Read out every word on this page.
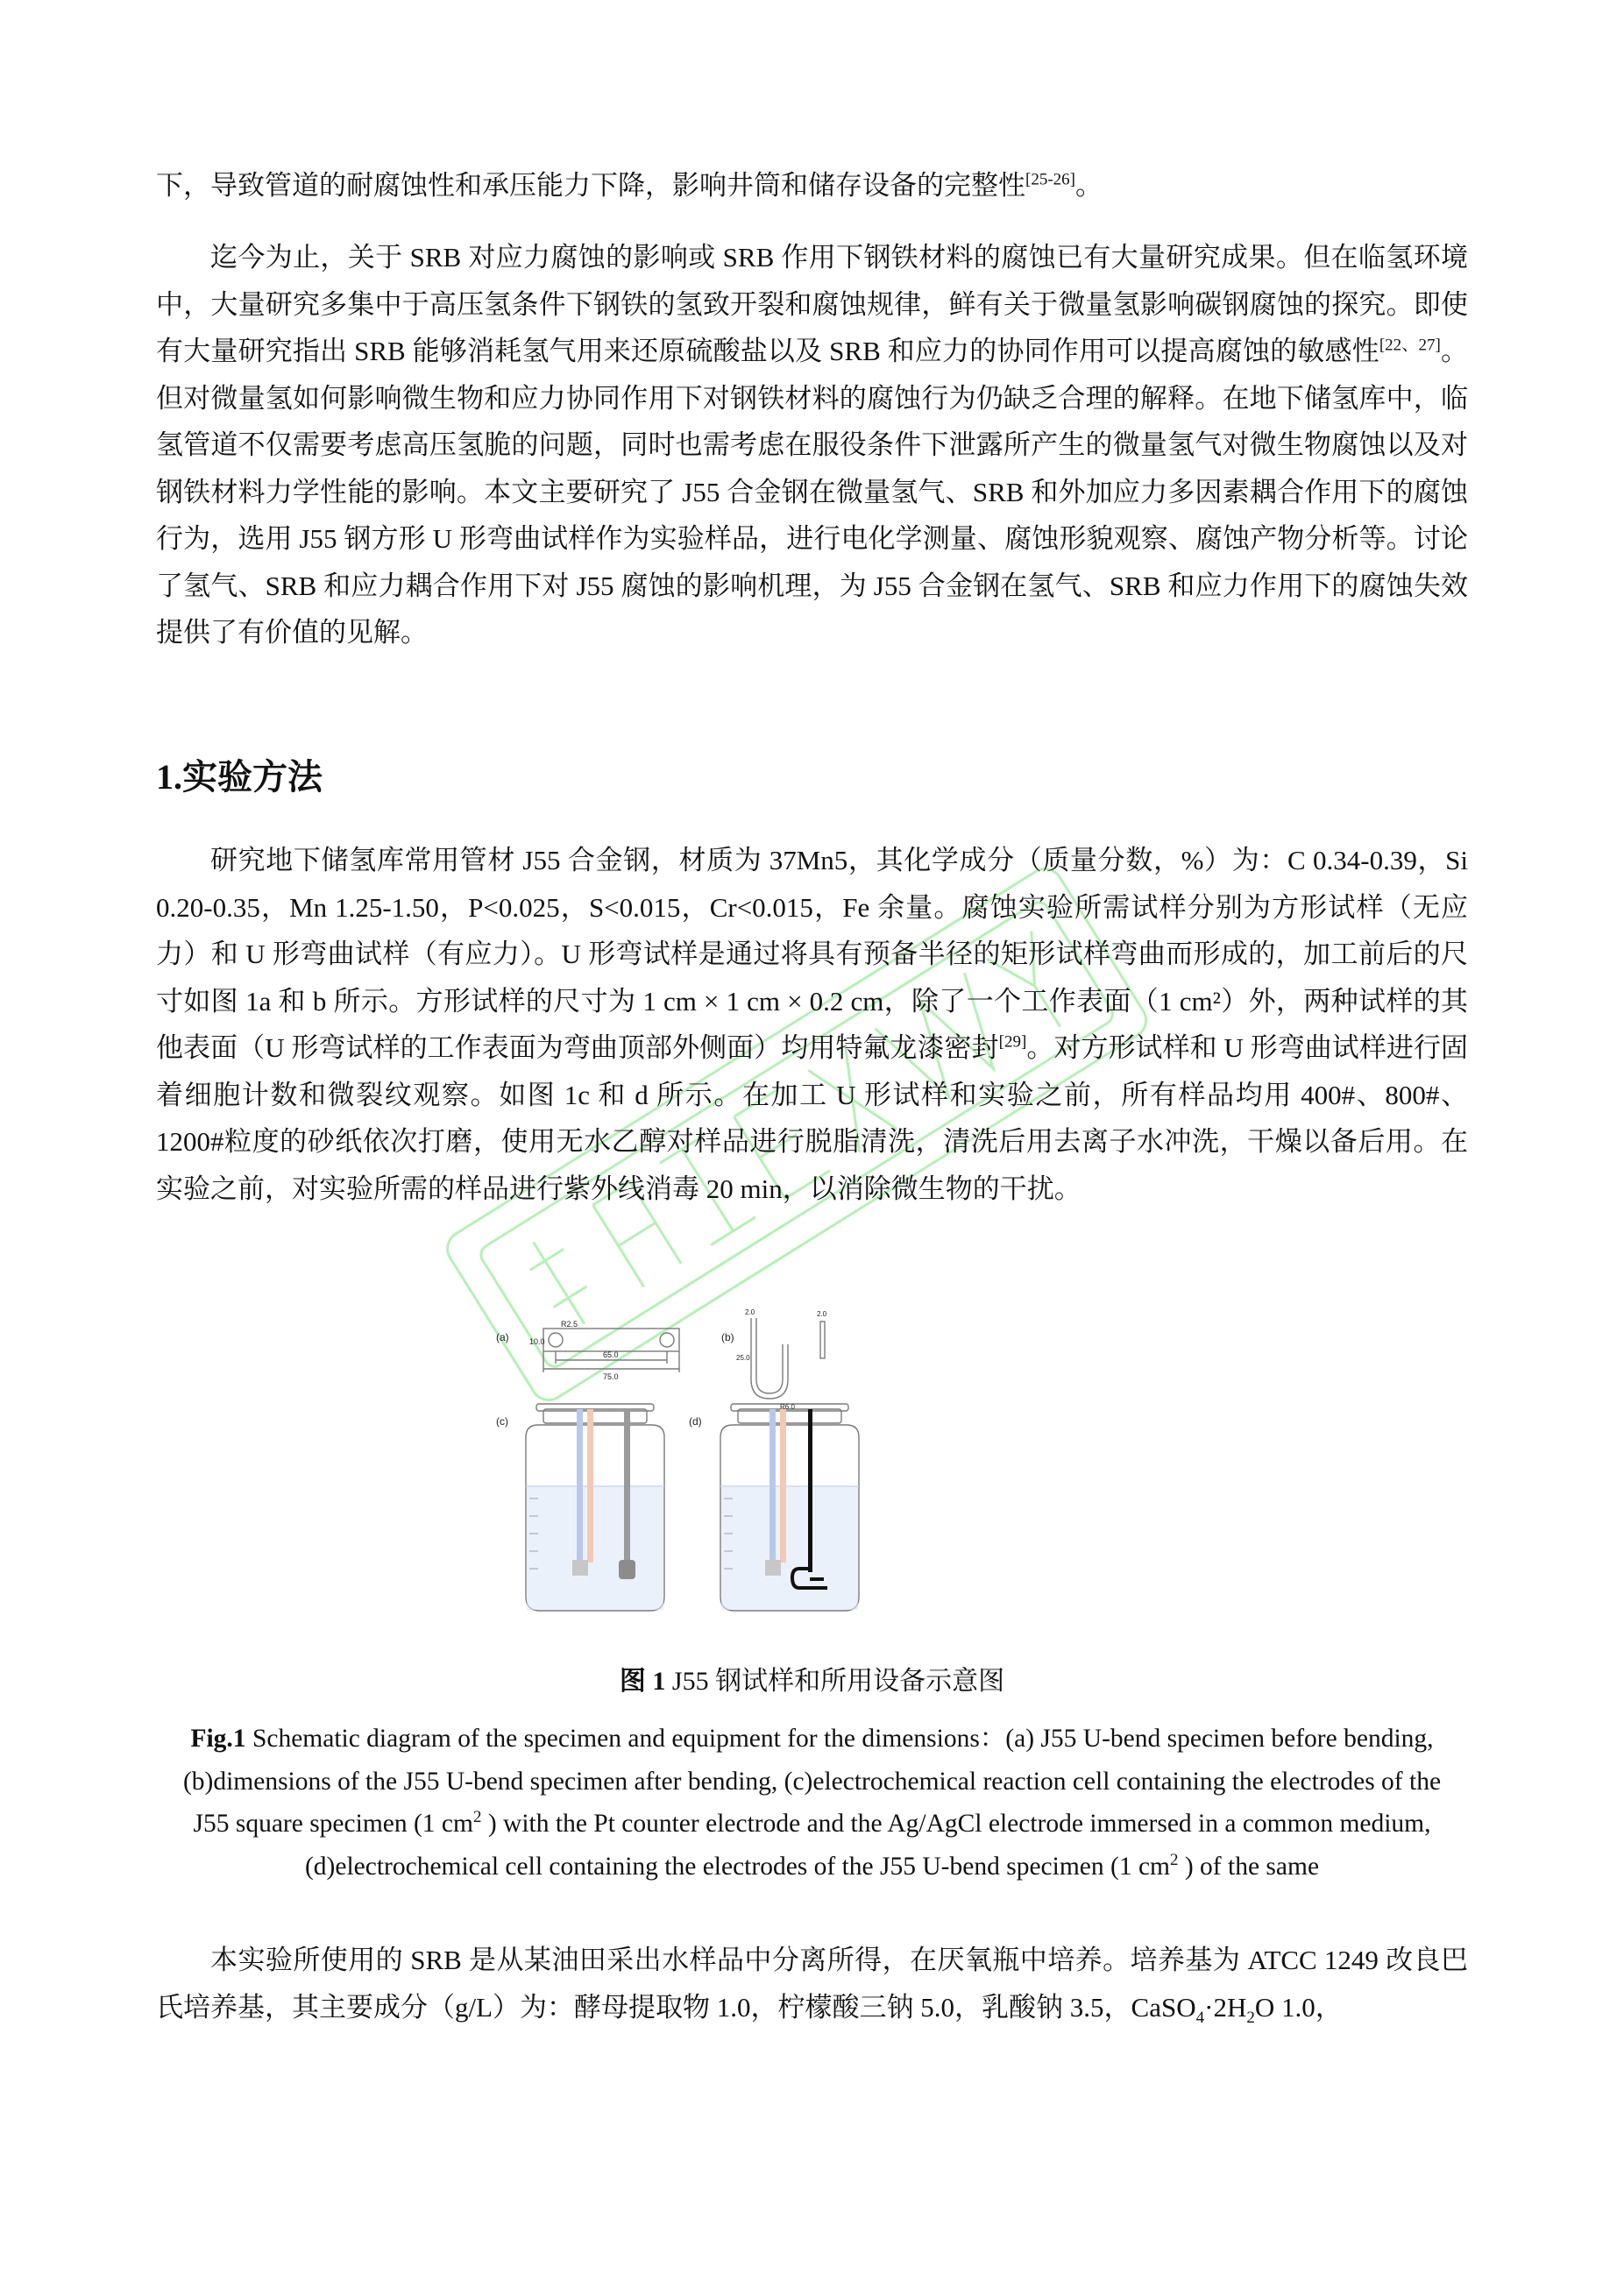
下，导致管道的耐腐蚀性和承压能力下降，影响井筒和储存设备的完整性[25-26]。

迄今为止，关于 SRB 对应力腐蚀的影响或 SRB 作用下钢铁材料的腐蚀已有大量研究成果。但在临氢环境中，大量研究多集中于高压氢条件下钢铁的氢致开裂和腐蚀规律，鲜有关于微量氢影响碳钢腐蚀的探究。即使有大量研究指出 SRB 能够消耗氢气用来还原硫酸盐以及 SRB 和应力的协同作用可以提高腐蚀的敏感性[22、27]。但对微量氢如何影响微生物和应力协同作用下对钢铁材料的腐蚀行为仍缺乏合理的解释。在地下储氢库中，临氢管道不仅需要考虑高压氢脆的问题，同时也需考虑在服役条件下泄露所产生的微量氢气对微生物腐蚀以及对钢铁材料力学性能的影响。本文主要研究了 J55 合金钢在微量氢气、SRB 和外加应力多因素耦合作用下的腐蚀行为，选用 J55 钢方形 U 形弯曲试样作为实验样品，进行电化学测量、腐蚀形貌观察、腐蚀产物分析等。讨论了氢气、SRB 和应力耦合作用下对 J55 腐蚀的影响机理，为 J55 合金钢在氢气、SRB 和应力作用下的腐蚀失效提供了有价值的见解。

1.实验方法

研究地下储氢库常用管材 J55 合金钢，材质为 37Mn5，其化学成分（质量分数，%）为：C 0.34-0.39，Si 0.20-0.35，Mn 1.25-1.50，P<0.025，S<0.015，Cr<0.015，Fe 余量。腐蚀实验所需试样分别为方形试样（无应力）和 U 形弯曲试样（有应力）。U 形弯试样是通过将具有预备半径的矩形试样弯曲而形成的，加工前后的尺寸如图 1a 和 b 所示。方形试样的尺寸为 1 cm × 1 cm × 0.2 cm，除了一个工作表面（1 cm²）外，两种试样的其他表面（U 形弯试样的工作表面为弯曲顶部外侧面）均用特氟龙漆密封[29]。对方形试样和 U 形弯曲试样进行固着细胞计数和微裂纹观察。如图 1c 和 d 所示。在加工 U 形试样和实验之前，所有样品均用 400#、800#、1200#粒度的砂纸依次打磨，使用无水乙醇对样品进行脱脂清洗，清洗后用去离子水冲洗，干燥以备后用。在实验之前，对实验所需的样品进行紫外线消毒 20 min，以消除微生物的干扰。

(a)	(b)
(c)	(d)
R2.5
10.0
65.0
75.0
2.0	2.0
25.0
R6.0

图 1 J55 钢试样和所用设备示意图

Fig.1 Schematic diagram of the specimen and equipment for the dimensions：(a) J55 U-bend specimen before bending, (b)dimensions of the J55 U-bend specimen after bending, (c)electrochemical reaction cell containing the electrodes of the J55 square specimen (1 $cm^2$ ) with the Pt counter electrode and the Ag/AgCl electrode immersed in a common medium, (d)electrochemical cell containing the electrodes of the J55 U-bend specimen (1 $cm^2$ ) of the same

本实验所使用的 SRB 是从某油田采出水样品中分离所得，在厌氧瓶中培养。培养基为 ATCC 1249 改良巴氏培养基，其主要成分（g/L）为：酵母提取物 1.0，柠檬酸三钠 5.0，乳酸钠 3.5，$CaSO_4\cdot 2H_2O$ 1.0，
